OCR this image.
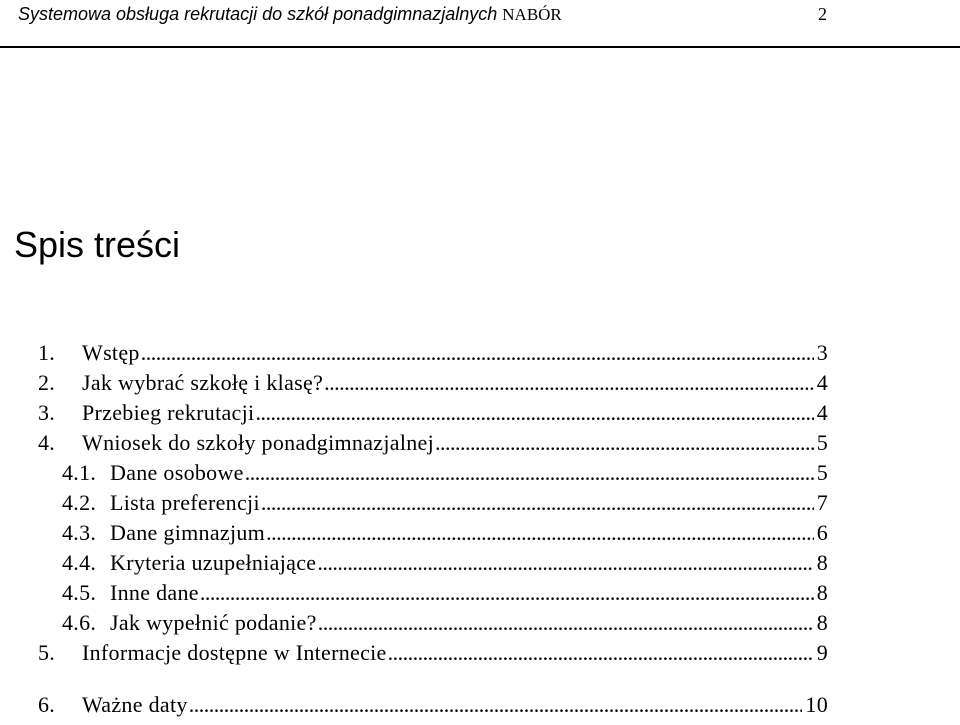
Systemowa obsługa rekrutacji do szkół ponadgimnazjalnych NABÓR	2
Spis treści
1.	Wstęp . . .	3
2.	Jak wybrać szkołę i klasę? . . .	4
3.	Przebieg rekrutacji . . .	4
4.	Wniosek do szkoły ponadgimnazjalnej . . .	5
4.1. Dane osobowe . . .	5
4.2. Lista preferencji . . .	7
4.3. Dane gimnazjum . . .	6
4.4. Kryteria uzupełniające . . .	8
4.5. Inne dane . . .	8
4.6. Jak wypełnić podanie? . . .	8
5.	Informacje dostępne w Internecie . . .	9
6.	Ważne daty . . .	10
